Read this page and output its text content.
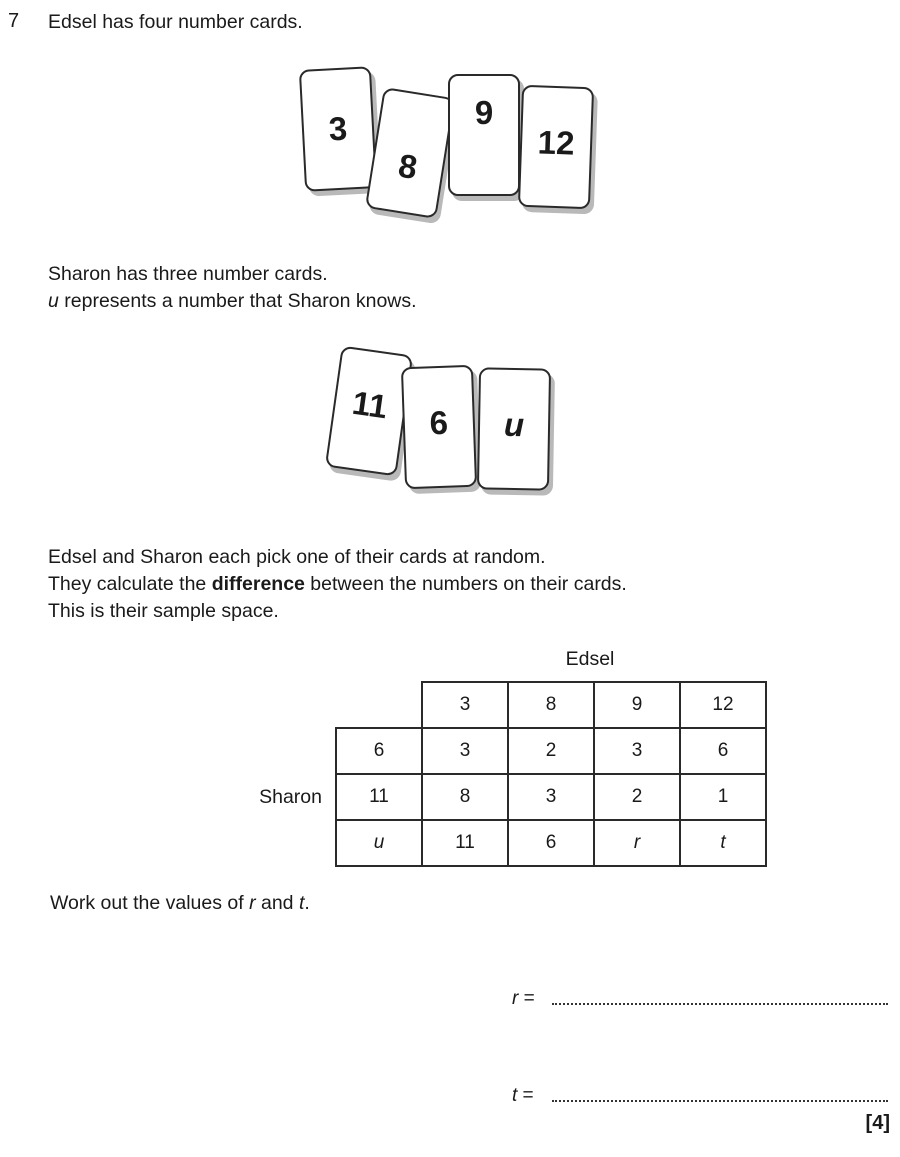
7 Edsel has four number cards.
3
8
9
12
Sharon has three number cards.
u represents a number that Sharon knows.
11 6 u
Edsel and Sharon each pick one of their cards at random.
They calculate the difference between the numbers on their cards.
This is their sample space.
Edsel
Sharon
	3	8	9	12
6	3	2	3	6
11	8	3	2	1
u	11	6	r	t
Work out the values of r and t.
r =
t =
[4]
